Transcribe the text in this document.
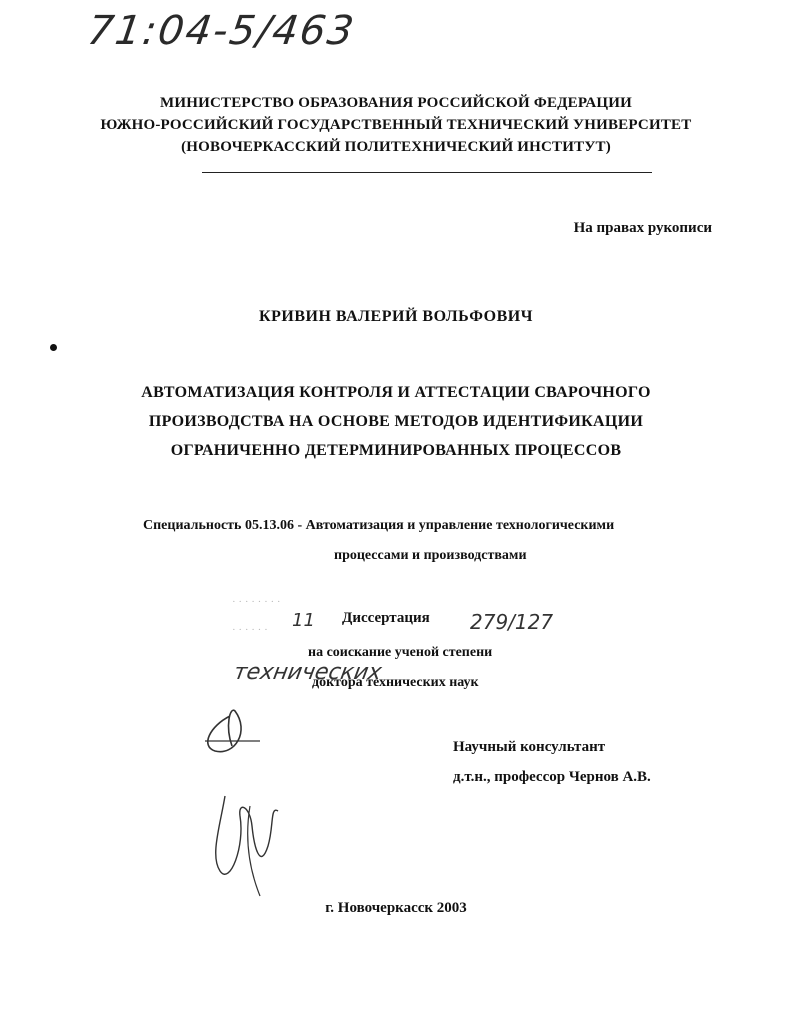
71:04-5/463
МИНИСТЕРСТВО ОБРАЗОВАНИЯ РОССИЙСКОЙ ФЕДЕРАЦИИ
ЮЖНО-РОССИЙСКИЙ ГОСУДАРСТВЕННЫЙ ТЕХНИЧЕСКИЙ УНИВЕРСИТЕТ
(НОВОЧЕРКАССКИЙ ПОЛИТЕХНИЧЕСКИЙ ИНСТИТУТ)
На правах рукописи
КРИВИН ВАЛЕРИЙ ВОЛЬФОВИЧ
АВТОМАТИЗАЦИЯ КОНТРОЛЯ И АТТЕСТАЦИИ СВАРОЧНОГО
ПРОИЗВОДСТВА НА ОСНОВЕ МЕТОДОВ ИДЕНТИФИКАЦИИ
ОГРАНИЧЕННО ДЕТЕРМИНИРОВАННЫХ ПРОЦЕССОВ
Специальность 05.13.06 - Автоматизация и управление технологическими
процессами и производствами
· · · · · · · ·
· · · · · · 11 Диссертация 279/127
на соискание ученой степени
технических
доктора технических наук
Научный консультант
д.т.н., профессор Чернов А.В.
г. Новочеркасск 2003
